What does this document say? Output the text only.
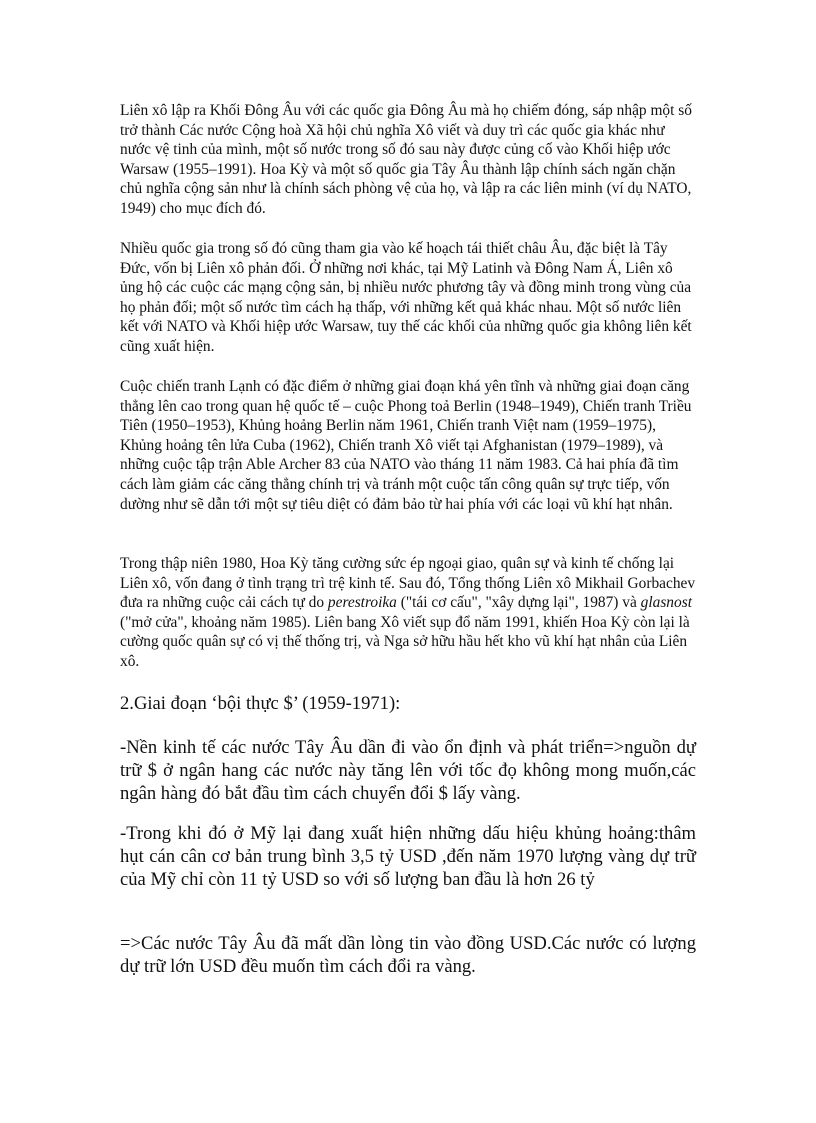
Liên xô lập ra Khối Đông Âu với các quốc gia Đông Âu mà họ chiếm đóng, sáp nhập một số trở thành Các nước Cộng hoà Xã hội chủ nghĩa Xô viết và duy trì các quốc gia khác như nước vệ tinh của mình, một số nước trong số đó sau này được củng cố vào Khối hiệp ước Warsaw (1955–1991). Hoa Kỳ và một số quốc gia Tây Âu thành lập chính sách ngăn chặn chủ nghĩa cộng sản như là chính sách phòng vệ của họ, và lập ra các liên minh (ví dụ NATO, 1949) cho mục đích đó.

Nhiều quốc gia trong số đó cũng tham gia vào kế hoạch tái thiết châu Âu, đặc biệt là Tây Đức, vốn bị Liên xô phản đối. Ở những nơi khác, tại Mỹ Latinh và Đông Nam Á, Liên xô ủng hộ các cuộc các mạng cộng sản, bị nhiều nước phương tây và đồng minh trong vùng của họ phản đối; một số nước tìm cách hạ thấp, với những kết quả khác nhau. Một số nước liên kết với NATO và Khối hiệp ước Warsaw, tuy thế các khối của những quốc gia không liên kết cũng xuất hiện.

Cuộc chiến tranh Lạnh có đặc điểm ở những giai đoạn khá yên tĩnh và những giai đoạn căng thẳng lên cao trong quan hệ quốc tế – cuộc Phong toả Berlin (1948–1949), Chiến tranh Triều Tiên (1950–1953), Khủng hoảng Berlin năm 1961, Chiến tranh Việt nam (1959–1975), Khủng hoảng tên lửa Cuba (1962), Chiến tranh Xô viết tại Afghanistan (1979–1989), và những cuộc tập trận Able Archer 83 của NATO vào tháng 11 năm 1983. Cả hai phía đã tìm cách làm giảm các căng thẳng chính trị và tránh một cuộc tấn công quân sự trực tiếp, vốn dường như sẽ dẫn tới một sự tiêu diệt có đảm bảo từ hai phía với các loại vũ khí hạt nhân.

Trong thập niên 1980, Hoa Kỳ tăng cường sức ép ngoại giao, quân sự và kinh tế chống lại Liên xô, vốn đang ở tình trạng trì trệ kinh tế. Sau đó, Tổng thống Liên xô Mikhail Gorbachev đưa ra những cuộc cải cách tự do perestroika ("tái cơ cấu", "xây dựng lại", 1987) và glasnost ("mở cửa", khoảng năm 1985). Liên bang Xô viết sụp đổ năm 1991, khiến Hoa Kỳ còn lại là cường quốc quân sự có vị thế thống trị, và Nga sở hữu hầu hết kho vũ khí hạt nhân của Liên xô.

2.Giai đoạn ‘bội thực $’ (1959-1971):

-Nền kinh tế các nước Tây Âu dần đi vào ổn định và phát triển=>nguồn dự trữ $ ở ngân hang các nước này tăng lên với tốc đọ không mong muốn,các ngân hàng đó bắt đầu tìm cách chuyển đổi $ lấy vàng.

-Trong khi đó ở Mỹ lại đang xuất hiện những dấu hiệu khủng hoảng:thâm hụt cán cân cơ bản trung bình 3,5 tỷ USD ,đến năm 1970 lượng vàng dự trữ của Mỹ chỉ còn 11 tỷ USD so với số lượng ban đầu là hơn 26 tỷ

=>Các nước Tây Âu đã mất dần lòng tin vào đồng USD.Các nước có lượng dự trữ lớn USD đều muốn tìm cách đổi ra vàng.
